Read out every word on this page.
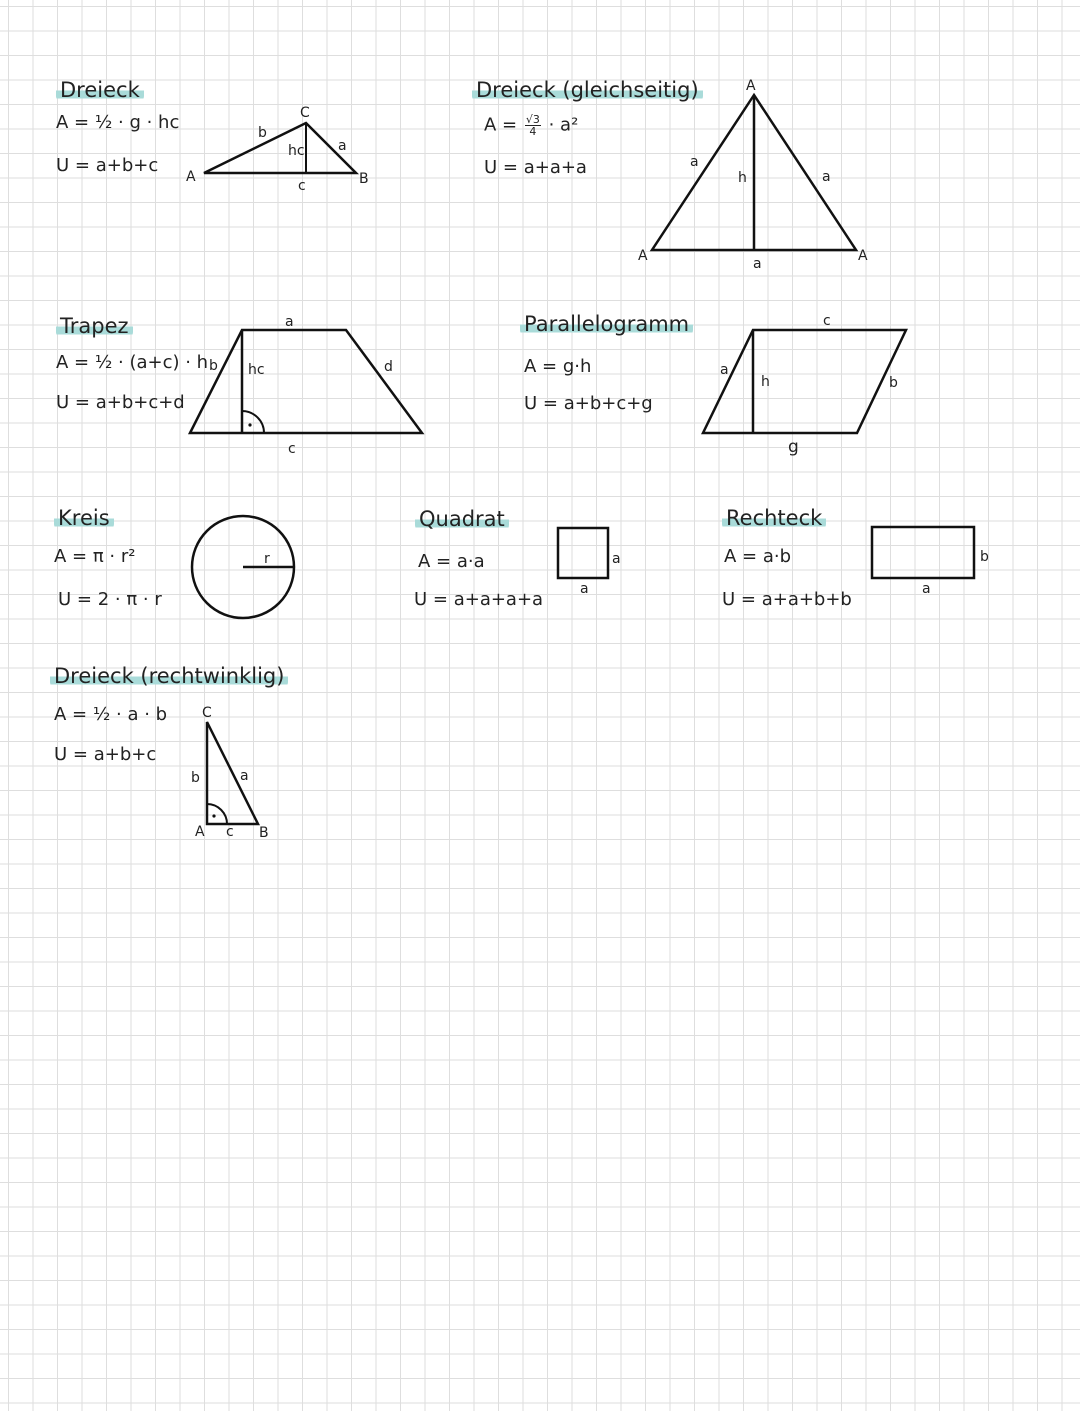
Dreieck
A = ½ · g · hc
U = a+b+c
A	B
C
a
b
c
hc
Dreieck (gleichseitig)
$A = \frac{√3}{4} \cdot a^2$
U = a+a+a
A
A	A
a
a
a
h
Trapez
A = ½ · (a+c) · h
U = a+b+c+d
a
b
c
d
hc
Parallelogramm
A = g·h
U = a+b+c+g
a
b
c
g
h
Kreis
A = π · r²
U = 2 · π · r
r
Quadrat
A = a·a
U = a+a+a+a
a
a
Rechteck
A = a·b
U = a+a+b+b
b
a
Dreieck (rechtwinklig)
A = ½ · a · b
U = a+b+c
C
A	B
a
b
c
